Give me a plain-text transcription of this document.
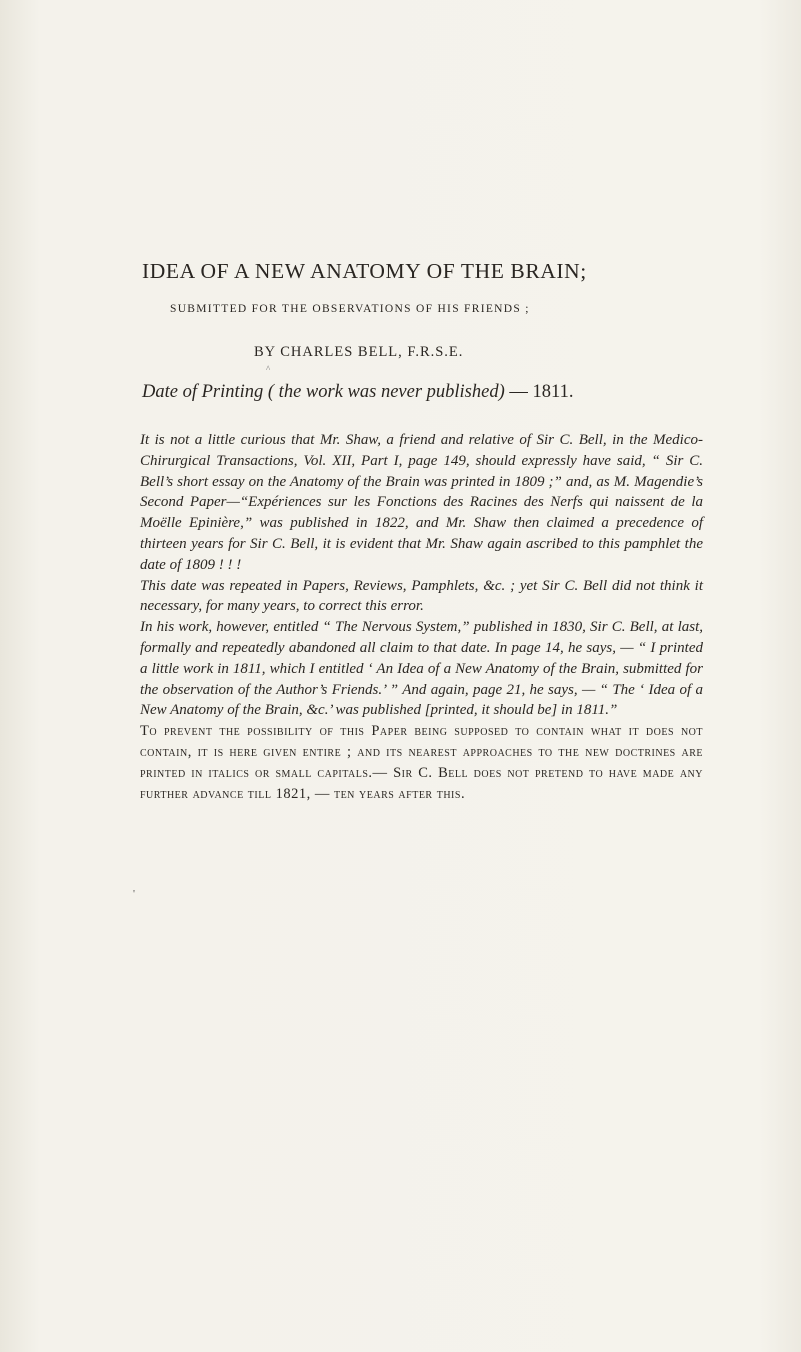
IDEA OF A NEW ANATOMY OF THE BRAIN;
SUBMITTED FOR THE OBSERVATIONS OF HIS FRIENDS ;
^
BY CHARLES BELL, F.R.S.E.
Date of Printing ( the work was never published) — 1811.

It is not a little curious that Mr. Shaw, a friend and relative of Sir C. Bell, in the Medico-Chirurgical Transactions, Vol. XII, Part I, page 149, should expressly have said, “ Sir C. Bell’s short essay on the Anatomy of the Brain was printed in 1809 ;” and, as M. Magendie’s Second Paper—“Expériences sur les Fonctions des Racines des Nerfs qui naissent de la Moëlle Epinière,” was published in 1822, and Mr. Shaw then claimed a precedence of thirteen years for Sir C. Bell, it is evident that Mr. Shaw again ascribed to this pamphlet the date of 1809 ! ! !

This date was repeated in Papers, Reviews, Pamphlets, &c. ; yet Sir C. Bell did not think it necessary, for many years, to correct this error.

In his work, however, entitled “ The Nervous System,” published in 1830, Sir C. Bell, at last, formally and repeatedly abandoned all claim to that date. In page 14, he says, — “ I printed a little work in 1811, which I entitled ‘ An Idea of a New Anatomy of the Brain, submitted for the observation of the Author’s Friends.’ ” And again, page 21, he says, — “ The ‘ Idea of a New Anatomy of the Brain, &c.’ was published [printed, it should be] in 1811.”

To prevent the possibility of this Paper being supposed to contain what it does not contain, it is here given entire ; and its nearest approaches to the new doctrines are printed in italics or small capitals.— Sir C. Bell does not pretend to have made any further advance till 1821, — ten years after this.

'
